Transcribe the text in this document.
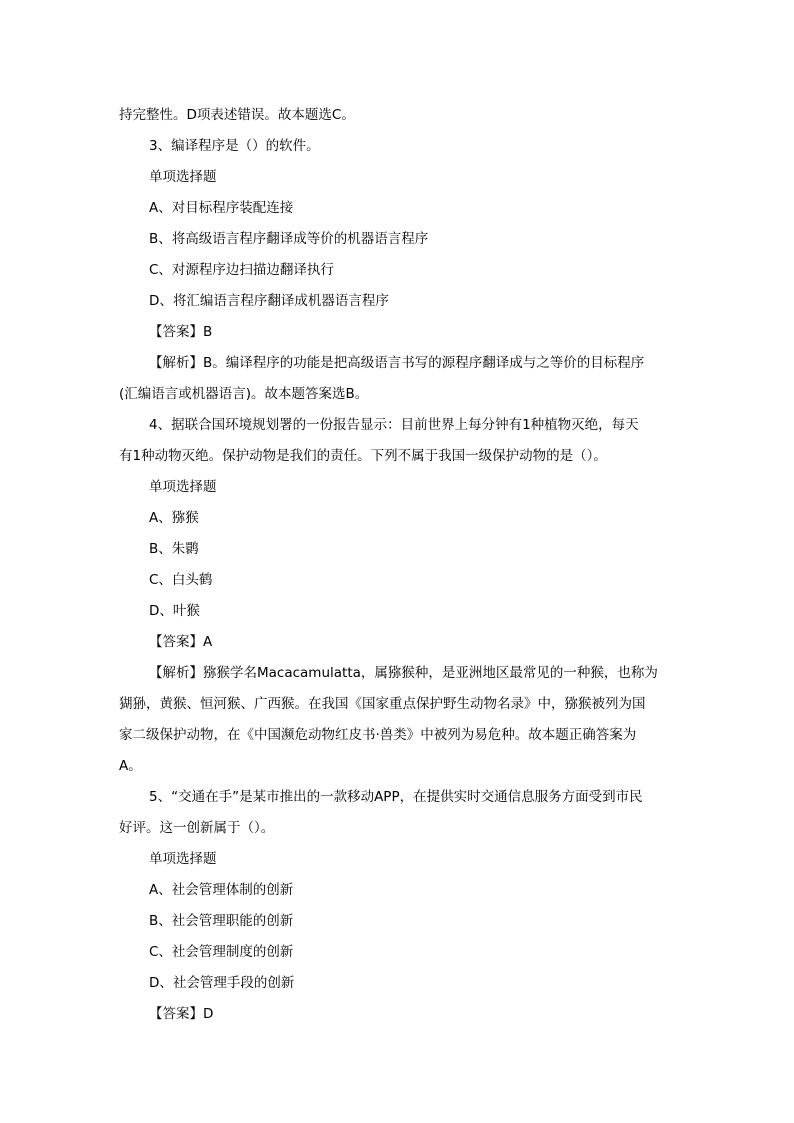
持完整性。D项表述错误。故本题选C。

3、编译程序是（）的软件。

单项选择题

A、对目标程序装配连接

B、将高级语言程序翻译成等价的机器语言程序

C、对源程序边扫描边翻译执行

D、将汇编语言程序翻译成机器语言程序

【答案】B

【解析】B。编译程序的功能是把高级语言书写的源程序翻译成与之等价的目标程序

(汇编语言或机器语言)。故本题答案选B。

4、据联合国环境规划署的一份报告显示：目前世界上每分钟有1种植物灭绝，每天

有1种动物灭绝。保护动物是我们的责任。下列不属于我国一级保护动物的是（）。

单项选择题

A、猕猴

B、朱鹮

C、白头鹤

D、叶猴

【答案】A

【解析】猕猴学名Macacamulatta，属猕猴种，是亚洲地区最常见的一种猴，也称为

猢狲，黄猴、恒河猴、广西猴。在我国《国家重点保护野生动物名录》中，猕猴被列为国

家二级保护动物，在《中国濒危动物红皮书·兽类》中被列为易危种。故本题正确答案为

A。

5、“交通在手”是某市推出的一款移动APP，在提供实时交通信息服务方面受到市民

好评。这一创新属于（）。

单项选择题

A、社会管理体制的创新

B、社会管理职能的创新

C、社会管理制度的创新

D、社会管理手段的创新

【答案】D
